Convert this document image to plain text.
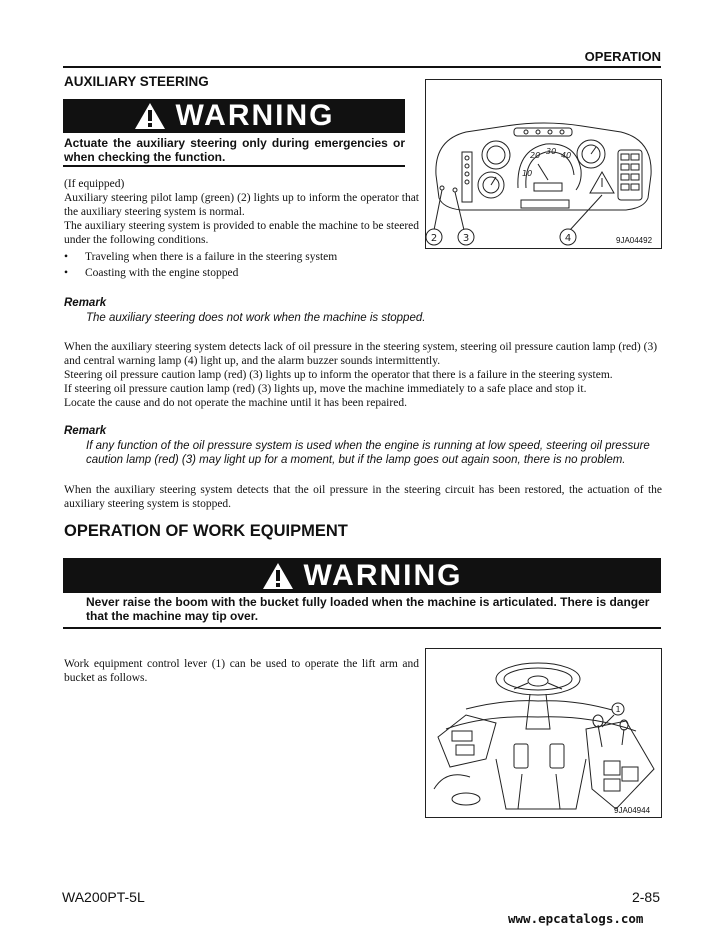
OPERATION
AUXILIARY STEERING
WARNING
Actuate the auxiliary steering only during emergencies or when checking the function.

(If equipped)

Auxiliary steering pilot lamp (green) (2) lights up to inform the operator that the auxiliary steering system is normal.

The auxiliary steering system is provided to enable the machine to be steered under the following conditions.

•	Traveling when there is a failure in the steering system
•	Coasting with the engine stopped
Remark
The auxiliary steering does not work when the machine is stopped.

When the auxiliary steering system detects lack of oil pressure in the steering system, steering oil pressure caution lamp (red) (3) and central warning lamp (4) light up, and the alarm buzzer sounds intermittently.

Steering oil pressure caution lamp (red) (3) lights up to inform the operator that there is a failure in the steering system.

If steering oil pressure caution lamp (red) (3) lights up, move the machine immediately to a safe place and stop it.

Locate the cause and do not operate the machine until it has been repaired.

Remark
If any function of the oil pressure system is used when the engine is running at low speed, steering oil pressure caution lamp (red) (3) may light up for a moment, but if the lamp goes out again soon, there is no problem.
When the auxiliary steering system detects that the oil pressure in the steering circuit has been restored, the actuation of the auxiliary steering system is stopped.
10
20 30 40
2	3	4	9JA04492
OPERATION OF WORK EQUIPMENT
WARNING
Never raise the boom with the bucket fully loaded when the machine is articulated. There is danger that the machine may tip over.
Work equipment control lever (1) can be used to operate the lift arm and bucket as follows.
1
9JA04944
WA200PT-5L	2-85
www.epcatalogs.com
